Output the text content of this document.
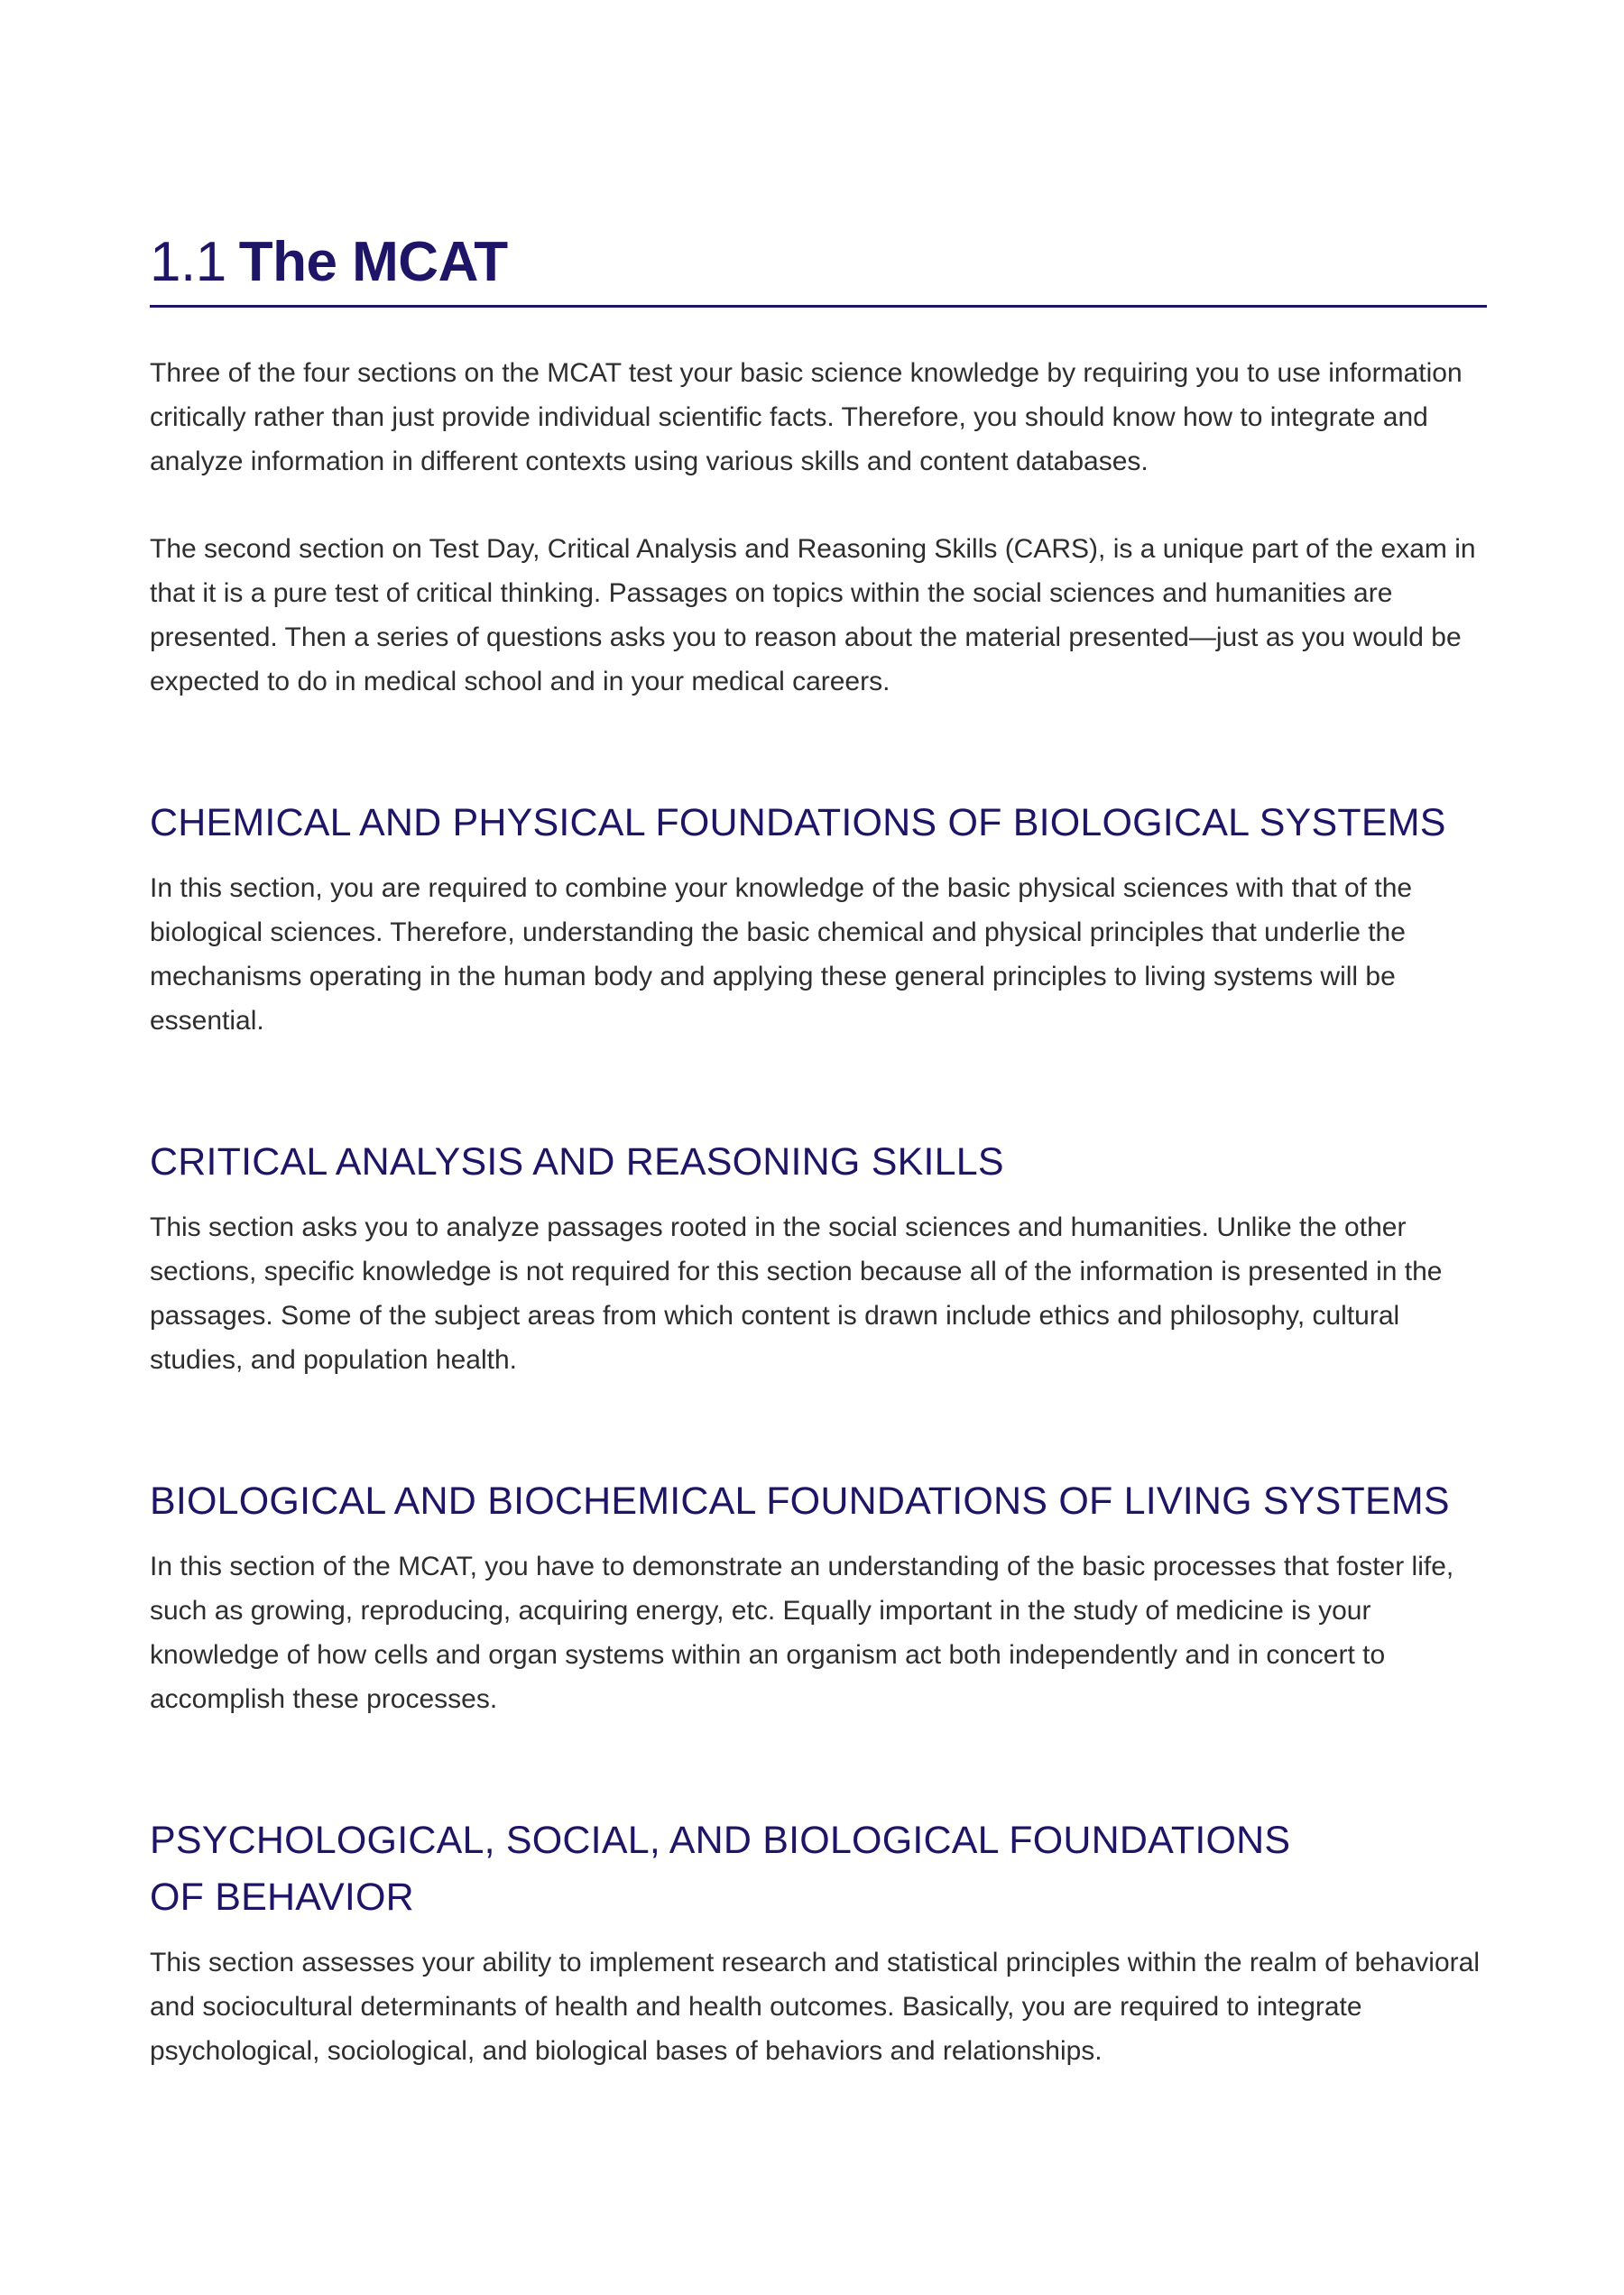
1.1 The MCAT

Three of the four sections on the MCAT test your basic science knowledge by requiring you to use information critically rather than just provide individual scientific facts. Therefore, you should know how to integrate and analyze information in different contexts using various skills and content databases.

The second section on Test Day, Critical Analysis and Reasoning Skills (CARS), is a unique part of the exam in that it is a pure test of critical thinking. Passages on topics within the social sciences and humanities are presented. Then a series of questions asks you to reason about the material presented—just as you would be expected to do in medical school and in your medical careers.

CHEMICAL AND PHYSICAL FOUNDATIONS OF BIOLOGICAL SYSTEMS

In this section, you are required to combine your knowledge of the basic physical sciences with that of the biological sciences. Therefore, understanding the basic chemical and physical principles that underlie the mechanisms operating in the human body and applying these general principles to living systems will be essential.

CRITICAL ANALYSIS AND REASONING SKILLS

This section asks you to analyze passages rooted in the social sciences and humanities. Unlike the other sections, specific knowledge is not required for this section because all of the information is presented in the passages. Some of the subject areas from which content is drawn include ethics and philosophy, cultural studies, and population health.

BIOLOGICAL AND BIOCHEMICAL FOUNDATIONS OF LIVING SYSTEMS

In this section of the MCAT, you have to demonstrate an understanding of the basic processes that foster life, such as growing, reproducing, acquiring energy, etc. Equally important in the study of medicine is your knowledge of how cells and organ systems within an organism act both independently and in concert to accomplish these processes.

PSYCHOLOGICAL, SOCIAL, AND BIOLOGICAL FOUNDATIONS OF BEHAVIOR

This section assesses your ability to implement research and statistical principles within the realm of behavioral and sociocultural determinants of health and health outcomes. Basically, you are required to integrate psychological, sociological, and biological bases of behaviors and relationships.
